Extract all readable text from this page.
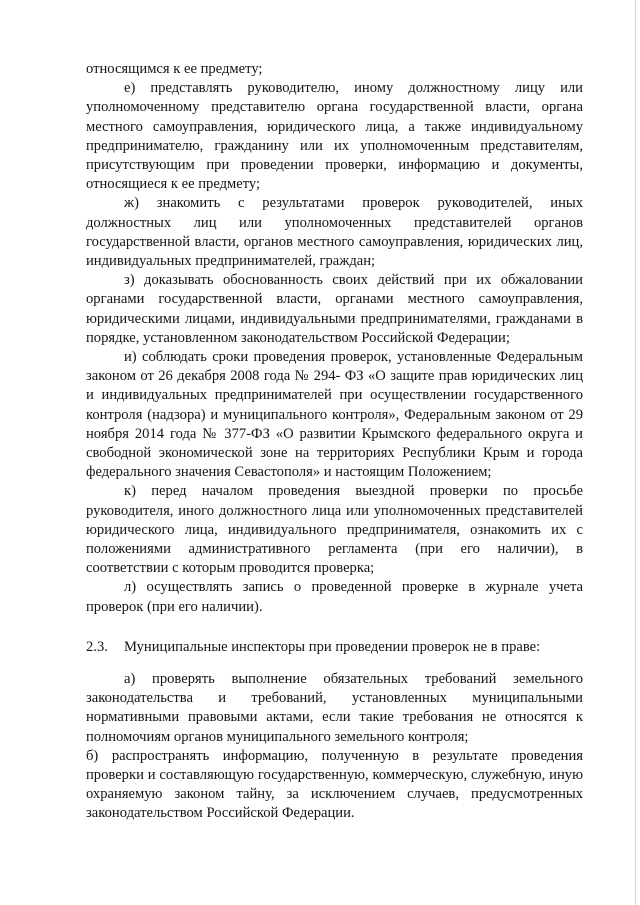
относящимся к ее предмету;

е) представлять руководителю, иному должностному лицу или уполномоченному представителю органа государственной власти, органа местного самоуправления, юридического лица, а также индивидуальному предпринимателю, гражданину или их уполномоченным представителям, присутствующим при проведении проверки, информацию и документы, относящиеся к ее предмету;

ж) знакомить с результатами проверок руководителей, иных должностных лиц или уполномоченных представителей органов государственной власти, органов местного самоуправления, юридических лиц, индивидуальных предпринимателей, граждан;

з) доказывать обоснованность своих действий при их обжаловании органами государственной власти, органами местного самоуправления, юридическими лицами, индивидуальными предпринимателями, гражданами в порядке, установленном законодательством Российской Федерации;

и) соблюдать сроки проведения проверок, установленные Федеральным законом от 26 декабря 2008 года № 294- ФЗ «О защите прав юридических лиц и индивидуальных предпринимателей при осуществлении государственного контроля (надзора) и муниципального контроля», Федеральным законом от 29 ноября 2014 года № 377-ФЗ «О развитии Крымского федерального округа и свободной экономической зоне на территориях Республики Крым и города федерального значения Севастополя» и настоящим Положением;

к) перед началом проведения выездной проверки по просьбе руководителя, иного должностного лица или уполномоченных представителей юридического лица, индивидуального предпринимателя, ознакомить их с положениями административного регламента (при его наличии), в соответствии с которым проводится проверка;

л) осуществлять запись о проведенной проверке в журнале учета проверок (при его наличии).

2.3. Муниципальные инспекторы при проведении проверок не в праве:

а) проверять выполнение обязательных требований земельного законодательства и требований, установленных муниципальными нормативными правовыми актами, если такие требования не относятся к полномочиям органов муниципального земельного контроля;

б) распространять информацию, полученную в результате проведения проверки и составляющую государственную, коммерческую, служебную, иную охраняемую законом тайну, за исключением случаев, предусмотренных законодательством Российской Федерации.
